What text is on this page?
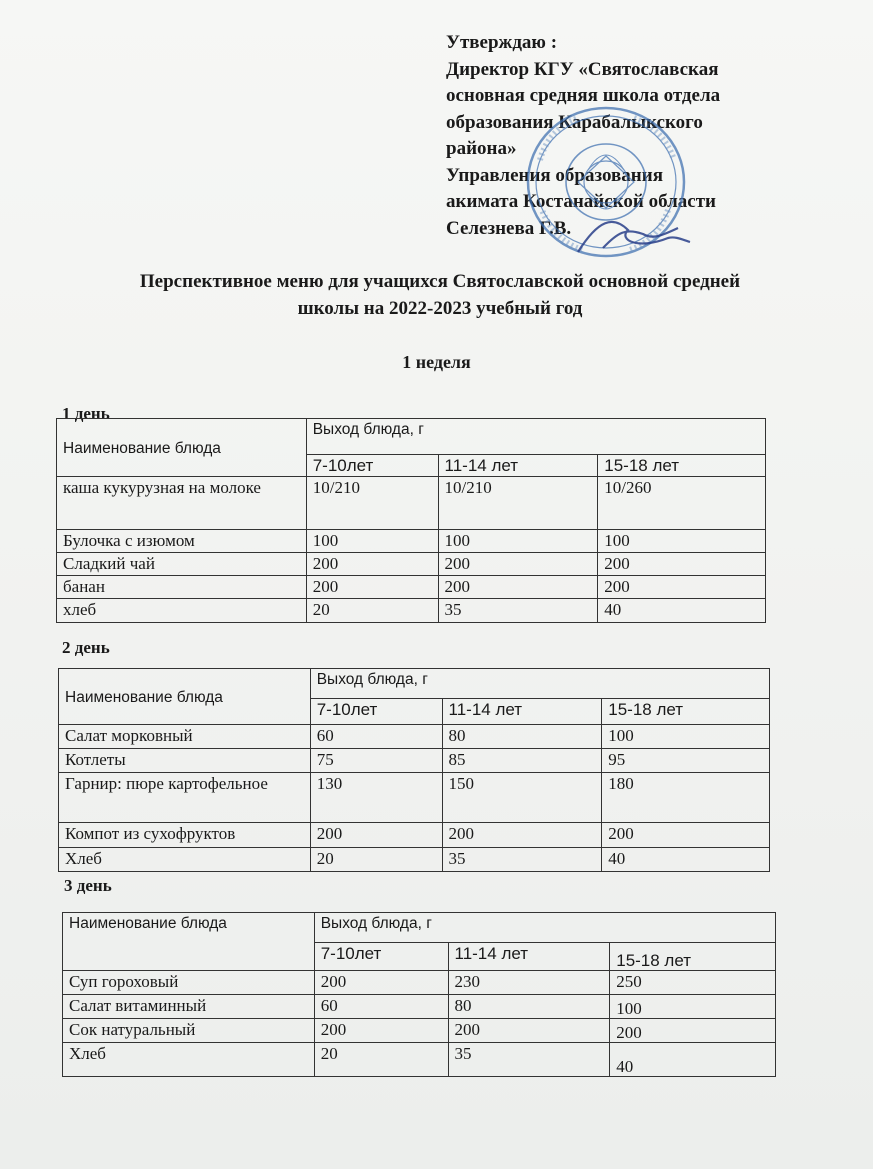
Утверждаю :
Директор КГУ «Святославская
основная средняя школа отдела
образования Карабалыкского
района»
Управления образования
акимата Костанайской области
Селезнева Г.В.
Перспективное меню для учащихся Святославской основной средней
школы на 2022-2023 учебный год
1 неделя
1 день
Наименование блюда	Выход блюда, г		
	7-10лет	11-14 лет	15-18 лет
каша кукурузная на молоке	10/210	10/210	10/260
Булочка с изюмом	100	100	100
Сладкий чай	200	200	200
банан	200	200	200
хлеб	20	35	40
2 день
Наименование блюда	Выход блюда, г		
	7-10лет	11-14 лет	15-18 лет
Салат морковный	60	80	100
Котлеты	75	85	95
Гарнир: пюре картофельное	130	150	180
Компот из сухофруктов	200	200	200
Хлеб	20	35	40
3 день
Наименование блюда	Выход блюда, г		
	7-10лет	11-14 лет	15-18 лет
Суп гороховый	200	230	250
Салат витаминный	60	80	100
Сок натуральный	200	200	200
Хлеб	20	35	40
